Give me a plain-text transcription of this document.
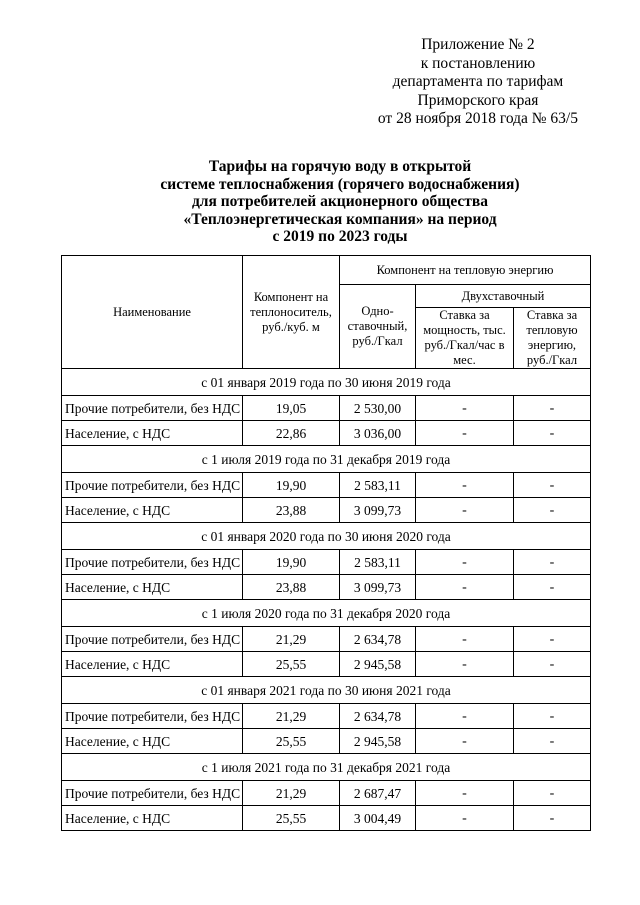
Приложение № 2
к постановлению
департамента по тарифам
Приморского края
от 28 ноября 2018 года № 63/5
Тарифы на горячую воду в открытой
системе теплоснабжения (горячего водоснабжения)
для потребителей акционерного общества
«Теплоэнергетическая компания» на период
с 2019 по 2023 годы
Наименование	Компонент на теплоноситель, руб./куб. м	Компонент на тепловую энергию		
		Одно-ставочный, руб./Гкал	Двухставочный	
			Ставка за мощность, тыс. руб./Гкал/час в мес.	Ставка за тепловую энергию, руб./Гкал
с 01 января 2019 года по 30 июня 2019 года				
Прочие потребители, без НДС	19,05	2 530,00	-	-
Население, с НДС	22,86	3 036,00	-	-
с 1 июля 2019 года по 31 декабря 2019 года				
Прочие потребители, без НДС	19,90	2 583,11	-	-
Население, с НДС	23,88	3 099,73	-	-
с 01 января 2020 года по 30 июня 2020 года				
Прочие потребители, без НДС	19,90	2 583,11	-	-
Население, с НДС	23,88	3 099,73	-	-
с 1 июля 2020 года по 31 декабря 2020 года				
Прочие потребители, без НДС	21,29	2 634,78	-	-
Население, с НДС	25,55	2 945,58	-	-
с 01 января 2021 года по 30 июня 2021 года				
Прочие потребители, без НДС	21,29	2 634,78	-	-
Население, с НДС	25,55	2 945,58	-	-
с 1 июля 2021 года по 31 декабря 2021 года				
Прочие потребители, без НДС	21,29	2 687,47	-	-
Население, с НДС	25,55	3 004,49	-	-
